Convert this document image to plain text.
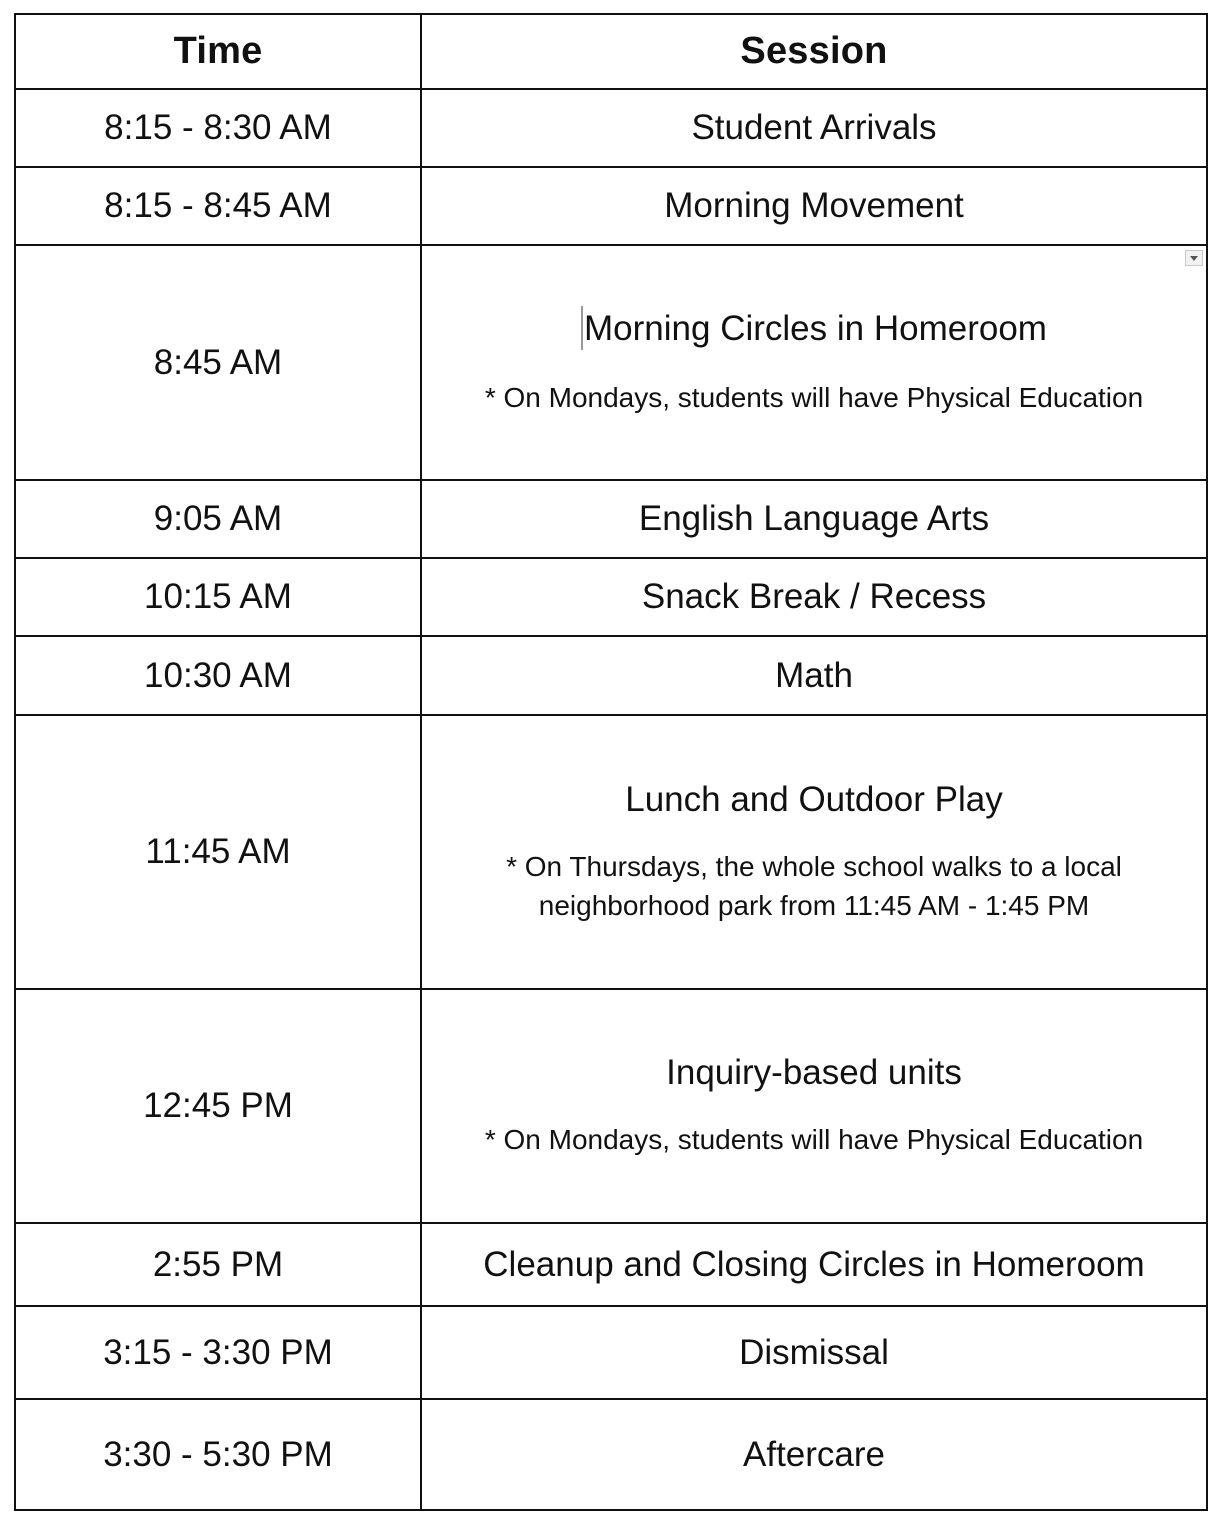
Time	Session
8:15 - 8:30 AM	Student Arrivals
8:15 - 8:45 AM	Morning Movement
8:45 AM	Morning Circles in Homeroom
* On Mondays, students will have Physical Education

9:05 AM	English Language Arts
10:15 AM	Snack Break / Recess
10:30 AM	Math
11:45 AM	Lunch and Outdoor Play
* On Thursdays, the whole school walks to a local neighborhood park from 11:45 AM - 1:45 PM

12:45 PM	Inquiry-based units
* On Mondays, students will have Physical Education

2:55 PM	Cleanup and Closing Circles in Homeroom
3:15 - 3:30 PM	Dismissal
3:30 - 5:30 PM	Aftercare
